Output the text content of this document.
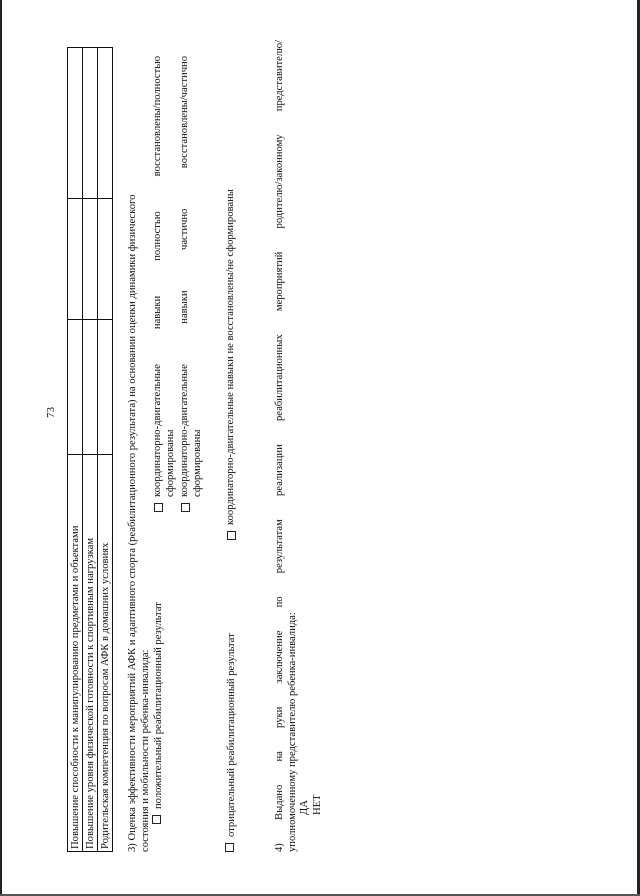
73
Повышение способности к манипулированию предметами и объектами			
Повышение уровня физической готовности к спортивным нагрузкам			
Родительская компетенция по вопросам АФК в домашних условиях			3) Оценка эффективности мероприятий АФК и адаптивного спорта (реабилитационного результата) на основании оценки динамики физического состояния и мобильности ребенка-инвалида: положительный реабилитационный результат
координаторно-двигательные навыки полностью восстановлены/полностью сформированы координаторно-двигательные навыки частично восстановлены/частично сформированы
отрицательный реабилитационный результат
координаторно-двигательные навыки не восстановлены/не сформированы	4) Выдано на руки заключение по результатам реализации реабилитационных мероприятий родителю/законному представителю/ уполномоченному представителю ребенка-инвалида: ДА НЕТ
